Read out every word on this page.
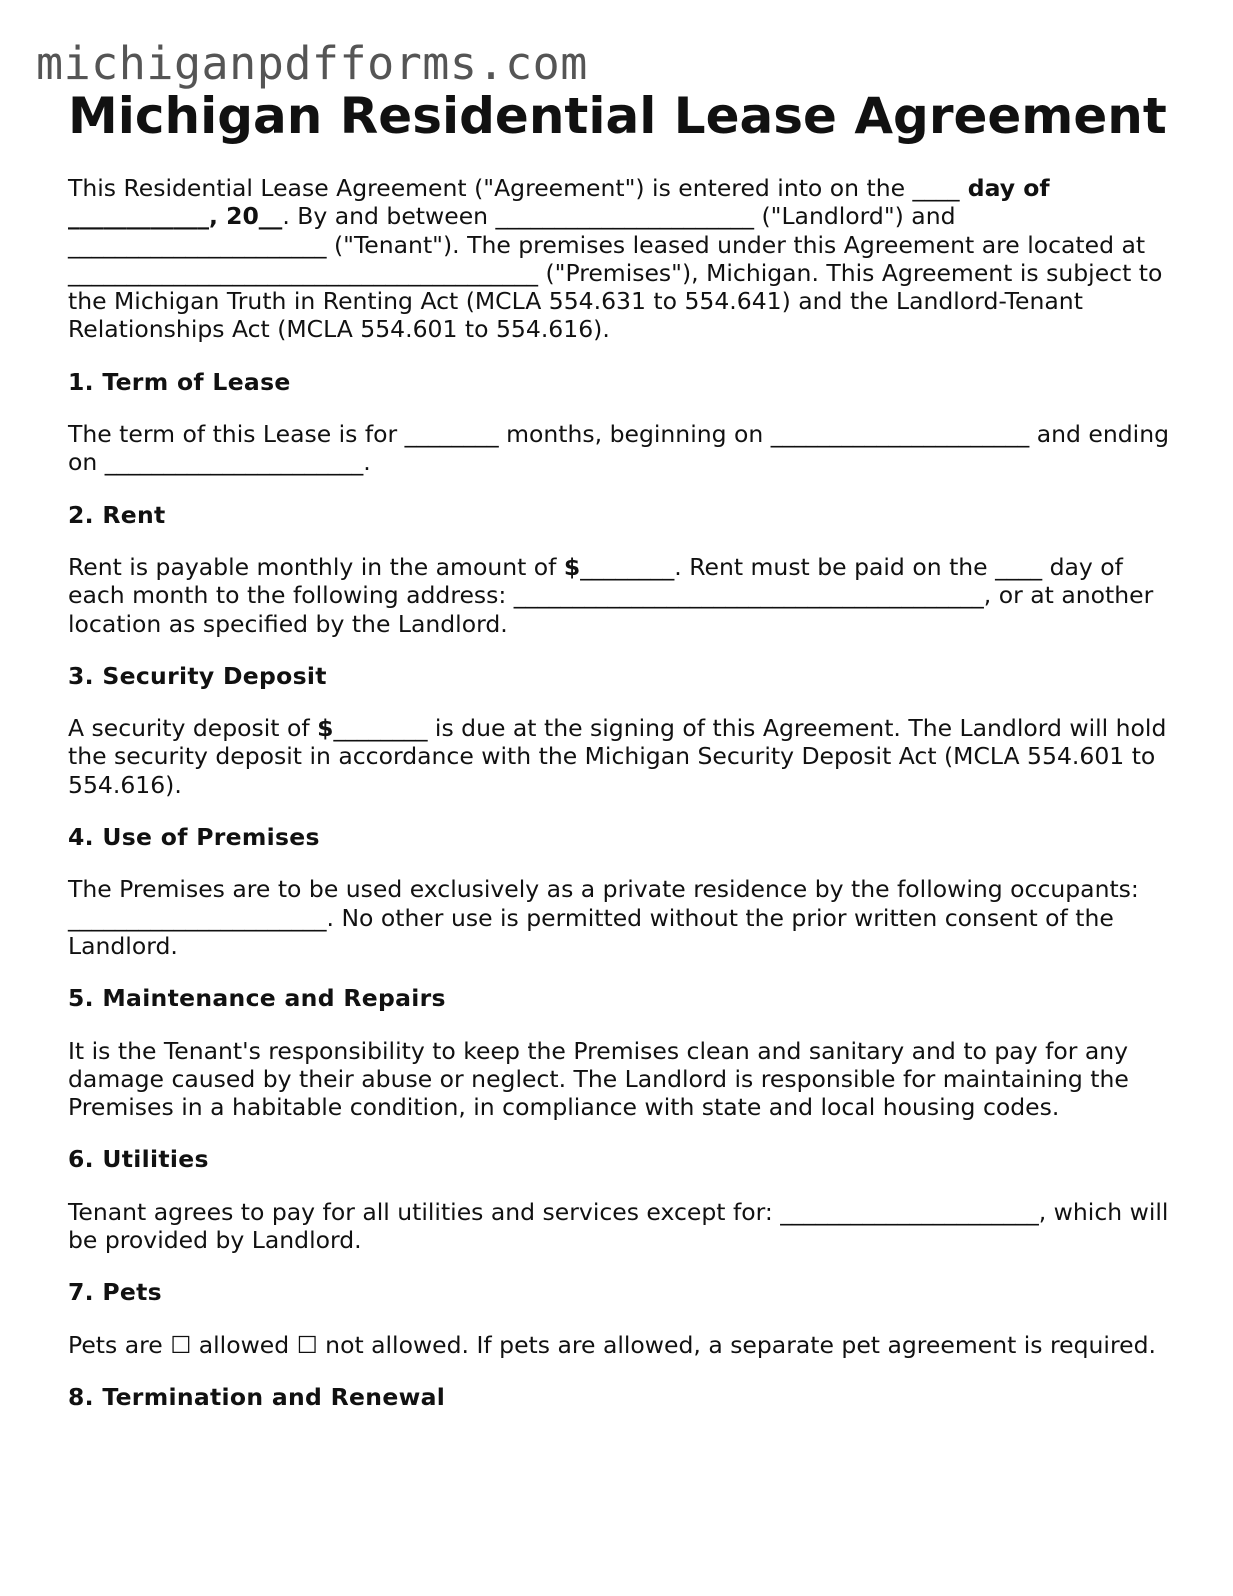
michiganpdfforms.com
Michigan Residential Lease Agreement

This Residential Lease Agreement ("Agreement") is entered into on the ____ day of
____________, 20__. By and between ______________________ ("Landlord") and ______________________ ("Tenant"). The premises leased under this Agreement are located at ________________________________________ ("Premises"), Michigan. This Agreement is subject to the Michigan Truth in Renting Act (MCLA 554.631 to 554.641) and the Landlord-Tenant Relationships Act (MCLA 554.601 to 554.616).

1. Term of Lease

The term of this Lease is for ________ months, beginning on ______________________ and ending on ______________________.

2. Rent

Rent is payable monthly in the amount of $________. Rent must be paid on the ____ day of each month to the following address: ________________________________________, or at another location as specified by the Landlord.

3. Security Deposit

A security deposit of $________ is due at the signing of this Agreement. The Landlord will hold the security deposit in accordance with the Michigan Security Deposit Act (MCLA 554.601 to 554.616).

4. Use of Premises

The Premises are to be used exclusively as a private residence by the following occupants: ______________________. No other use is permitted without the prior written consent of the Landlord.

5. Maintenance and Repairs

It is the Tenant's responsibility to keep the Premises clean and sanitary and to pay for any damage caused by their abuse or neglect. The Landlord is responsible for maintaining the Premises in a habitable condition, in compliance with state and local housing codes.

6. Utilities

Tenant agrees to pay for all utilities and services except for: ______________________, which will be provided by Landlord.

7. Pets

Pets are ☐ allowed ☐ not allowed. If pets are allowed, a separate pet agreement is required.

8. Termination and Renewal
